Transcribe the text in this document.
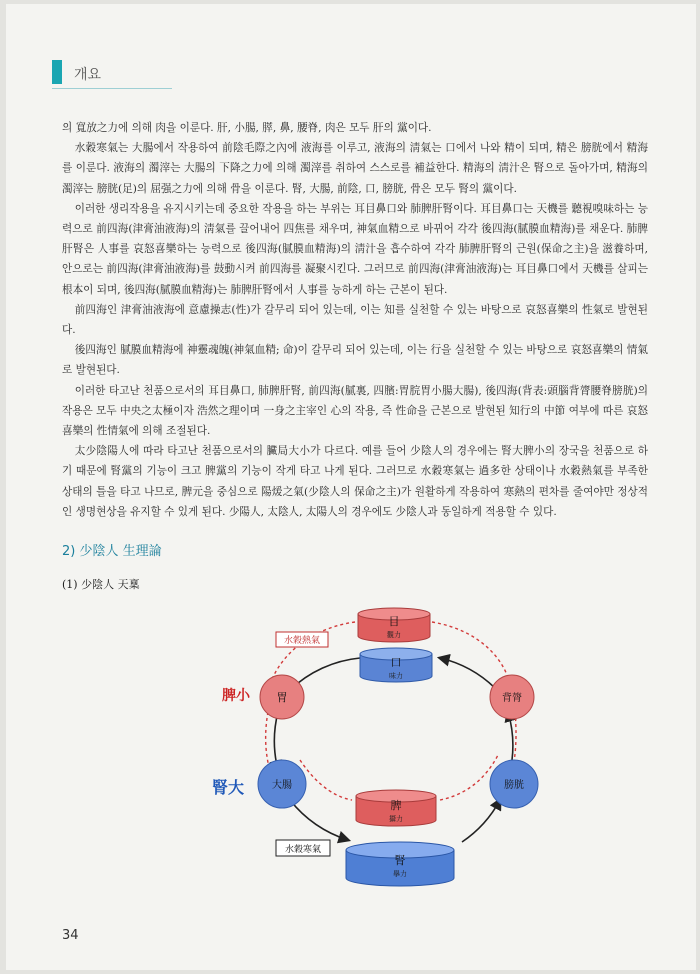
개요

의 寬放之力에 의해 肉을 이룬다. 肝, 小腸, 膵, 鼻, 腰脊, 肉은 모두 肝의 黨이다.

水穀寒氣는 大腸에서 작용하여 前陰毛際之內에 液海를 이루고, 液海의 淸氣는 口에서 나와 精이 되며, 精은 膀胱에서 精海를 이룬다. 液海의 濁滓는 大腸의 下降之力에 의해 濁滓를 취하여 스스로를 補益한다. 精海의 淸汁은 腎으로 돌아가며, 精海의 濁滓는 膀胱(足)의 屈强之力에 의해 骨을 이룬다. 腎, 大腸, 前陰, 口, 膀胱, 骨은 모두 腎의 黨이다.

이러한 생리작용을 유지시키는데 중요한 작용을 하는 부위는 耳目鼻口와 肺脾肝腎이다. 耳目鼻口는 天機를 聽視嗅味하는 능력으로 前四海(津膏油液海)의 淸氣를 끌어내어 四焦를 채우며, 神氣血精으로 바뀌어 각각 後四海(膩膜血精海)를 채운다. 肺脾肝腎은 人事를 哀怒喜樂하는 능력으로 後四海(膩膜血精海)의 淸汁을 흡수하여 각각 肺脾肝腎의 근원(保命之主)을 滋養하며, 안으로는 前四海(津膏油液海)를 鼓動시켜 前四海를 凝聚시킨다. 그러므로 前四海(津膏油液海)는 耳目鼻口에서 天機를 살피는 根本이 되며, 後四海(膩膜血精海)는 肺脾肝腎에서 人事를 능하게 하는 근본이 된다.

前四海인 津膏油液海에 意慮操志(性)가 갈무리 되어 있는데, 이는 知를 실천할 수 있는 바탕으로 哀怒喜樂의 性氣로 발현된다.

後四海인 膩膜血精海에 神靈魂魄(神氣血精; 命)이 갈무리 되어 있는데, 이는 行을 실천할 수 있는 바탕으로 哀怒喜樂의 情氣로 발현된다.

이러한 타고난 천품으로서의 耳目鼻口, 肺脾肝腎, 前四海(膩裏, 四臏:胃脘胃小腸大腸), 後四海(背表:頭腦背膂腰脊膀胱)의 작용은 모두 中央之太極이자 浩然之理이며 一身之主宰인 心의 작용, 즉 性命을 근본으로 발현된 知行의 中節 여부에 따른 哀怒喜樂의 性情氣에 의해 조절된다.

太少陰陽人에 따라 타고난 천품으로서의 臟局大小가 다르다. 예를 들어 少陰人의 경우에는 腎大脾小의 장국을 천품으로 하기 때문에 腎黨의 기능이 크고 脾黨의 기능이 작게 타고 나게 된다. 그러므로 水穀寒氣는 過多한 상태이나 水穀熱氣를 부족한 상태의 틀을 타고 나므로, 脾元을 중심으로 陽煖之氣(少陰人의 保命之主)가 원활하게 작용하여 寒熱의 편차를 줄여야만 정상적인 생명현상을 유지할 수 있게 된다. 少陽人, 太陰人, 太陽人의 경우에도 少陰人과 동일하게 적용할 수 있다.

2) 少陰人 生理論
(1) 少陰人 天稟
目
觀力
口
味力
脾
攝力
腎
擧力
胃	背膂
大腸	膀胱
水穀熱氣
水穀寒氣
脾小
腎大
34
